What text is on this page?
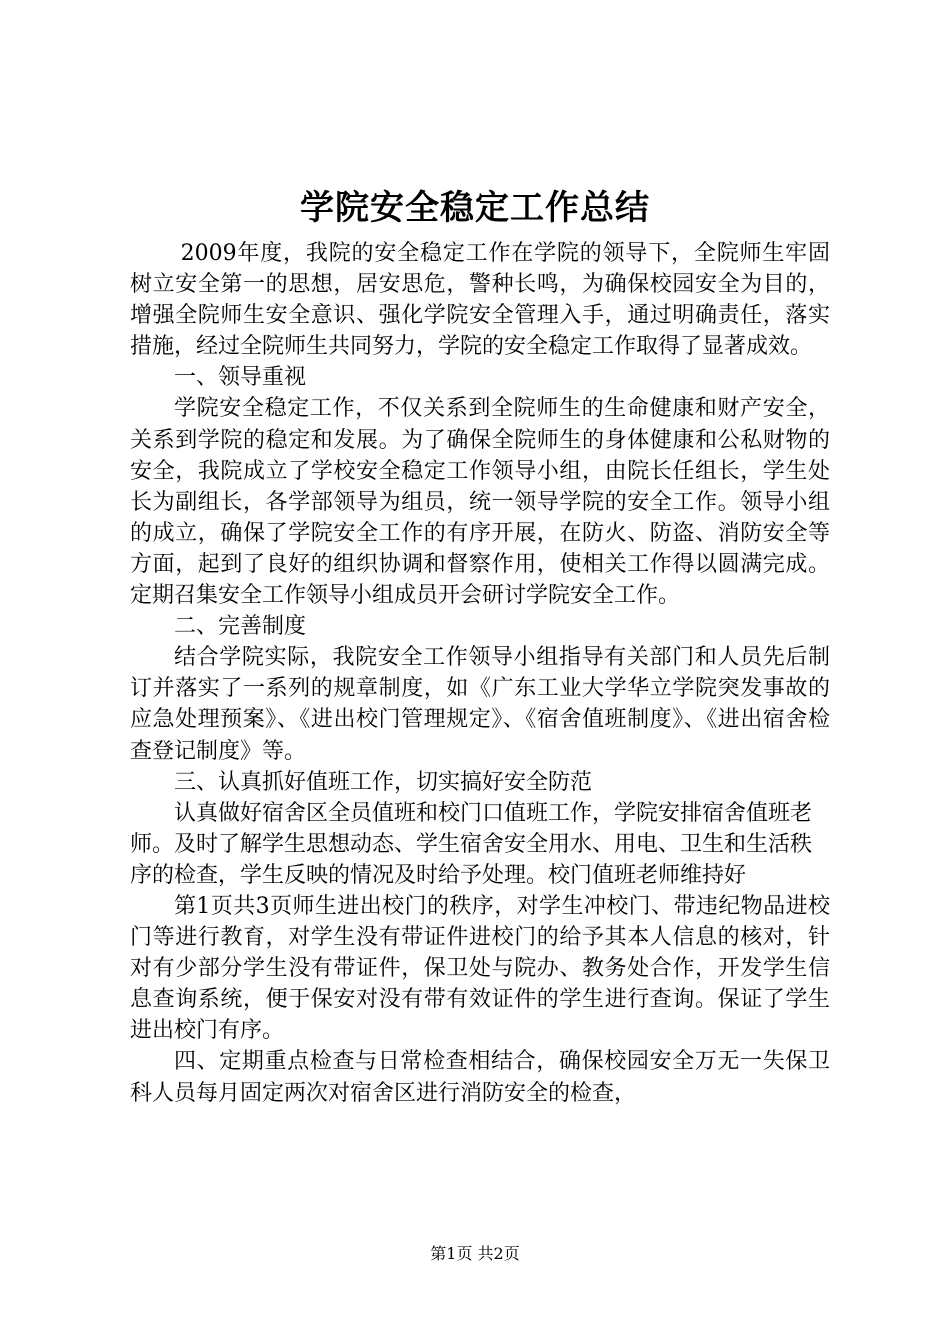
学院安全稳定工作总结

2009年度，我院的安全稳定工作在学院的领导下，全院师生牢固树立安全第一的思想，居安思危，警种长鸣，为确保校园安全为目的，增强全院师生安全意识、强化学院安全管理入手，通过明确责任，落实措施，经过全院师生共同努力，学院的安全稳定工作取得了显著成效。

一、领导重视

学院安全稳定工作，不仅关系到全院师生的生命健康和财产安全，关系到学院的稳定和发展。为了确保全院师生的身体健康和公私财物的安全，我院成立了学校安全稳定工作领导小组，由院长任组长，学生处长为副组长，各学部领导为组员，统一领导学院的安全工作。领导小组的成立，确保了学院安全工作的有序开展，在防火、防盗、消防安全等方面，起到了良好的组织协调和督察作用，使相关工作得以圆满完成。定期召集安全工作领导小组成员开会研讨学院安全工作。

二、完善制度

结合学院实际，我院安全工作领导小组指导有关部门和人员先后制订并落实了一系列的规章制度，如《广东工业大学华立学院突发事故的应急处理预案》、《进出校门管理规定》、《宿舍值班制度》、《进出宿舍检查登记制度》等。

三、认真抓好值班工作，切实搞好安全防范

认真做好宿舍区全员值班和校门口值班工作，学院安排宿舍值班老师。及时了解学生思想动态、学生宿舍安全用水、用电、卫生和生活秩序的检查，学生反映的情况及时给予处理。校门值班老师维持好

第1页共3页师生进出校门的秩序，对学生冲校门、带违纪物品进校门等进行教育，对学生没有带证件进校门的给予其本人信息的核对，针对有少部分学生没有带证件，保卫处与院办、教务处合作，开发学生信息查询系统，便于保安对没有带有效证件的学生进行查询。保证了学生进出校门有序。

四、定期重点检查与日常检查相结合，确保校园安全万无一失保卫科人员每月固定两次对宿舍区进行消防安全的检查，

第1页 共2页
